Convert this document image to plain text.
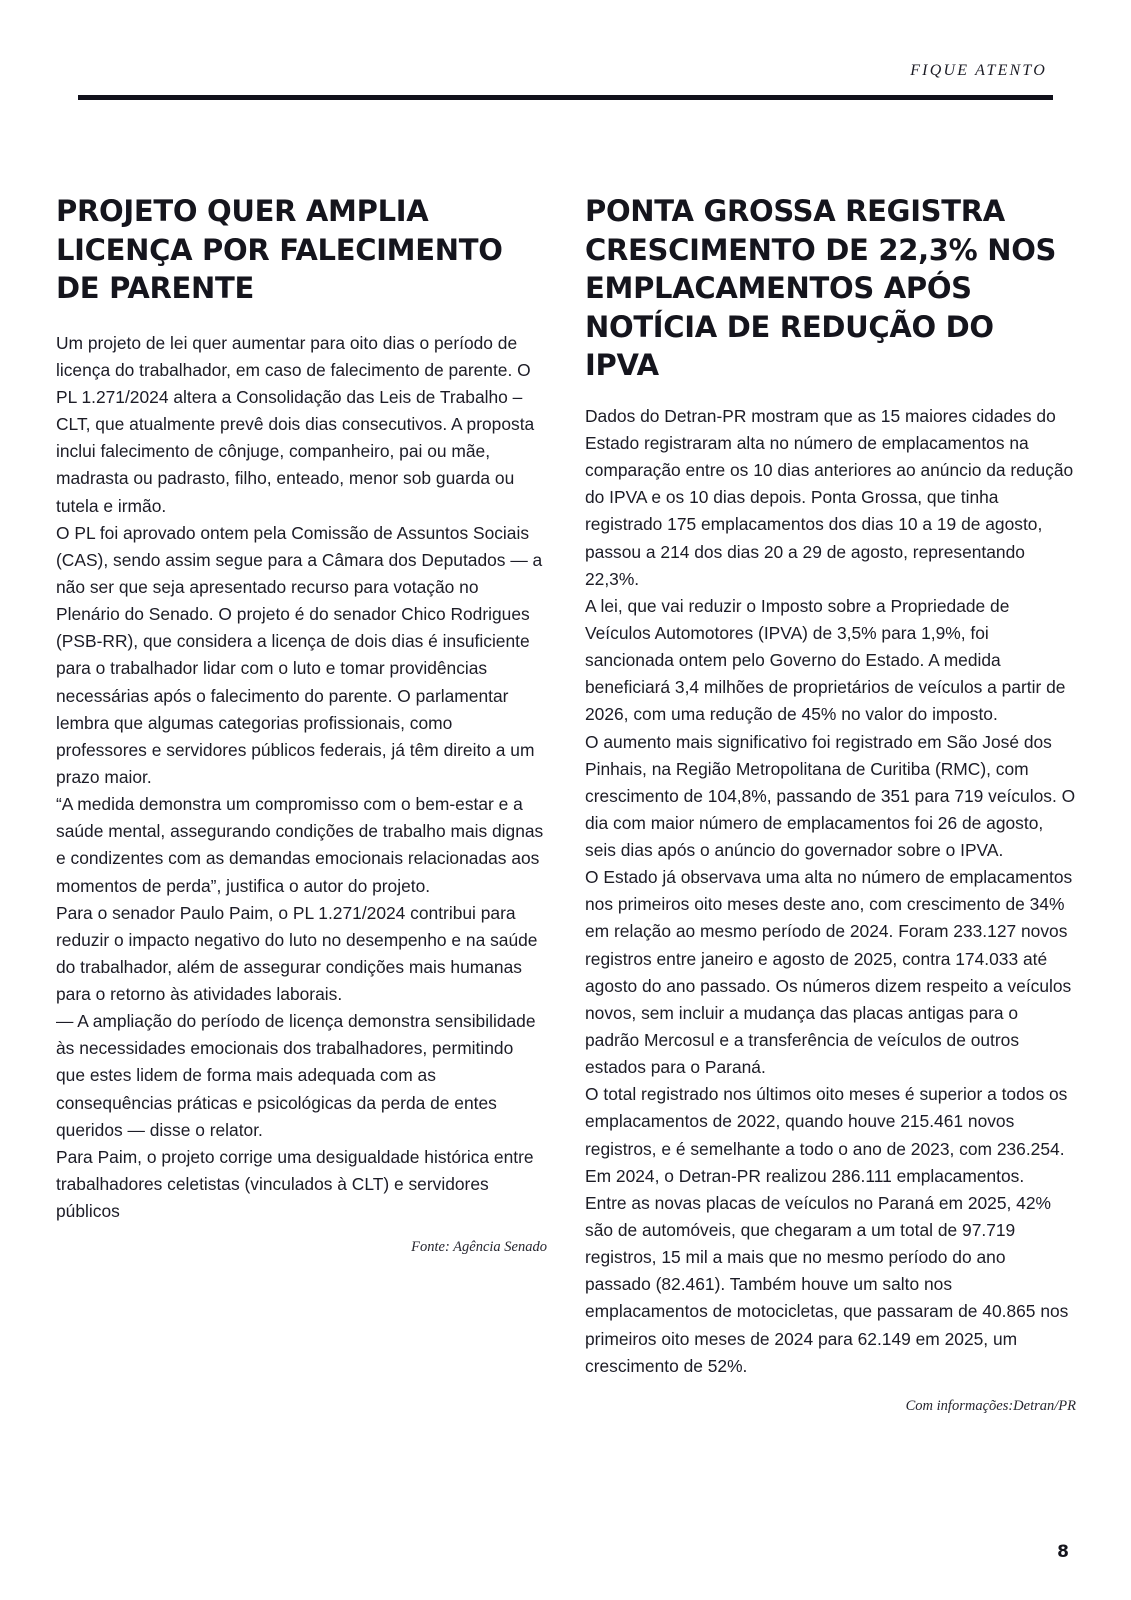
FIQUE ATENTO
PROJETO QUER AMPLIA LICENÇA POR FALECIMENTO DE PARENTE

Um projeto de lei quer aumentar para oito dias o período de licença do trabalhador, em caso de falecimento de parente. O PL 1.271/2024 altera a Consolidação das Leis de Trabalho – CLT, que atualmente prevê dois dias consecutivos. A proposta inclui falecimento de cônjuge, companheiro, pai ou mãe, madrasta ou padrasto, filho, enteado, menor sob guarda ou tutela e irmão.

O PL foi aprovado ontem pela Comissão de Assuntos Sociais (CAS), sendo assim segue para a Câmara dos Deputados — a não ser que seja apresentado recurso para votação no Plenário do Senado. O projeto é do senador Chico Rodrigues (PSB-RR), que considera a licença de dois dias é insuficiente para o trabalhador lidar com o luto e tomar providências necessárias após o falecimento do parente. O parlamentar lembra que algumas categorias profissionais, como professores e servidores públicos federais, já têm direito a um prazo maior.

“A medida demonstra um compromisso com o bem-estar e a saúde mental, assegurando condições de trabalho mais dignas e condizentes com as demandas emocionais relacionadas aos momentos de perda”, justifica o autor do projeto.

Para o senador Paulo Paim, o PL 1.271/2024 contribui para reduzir o impacto negativo do luto no desempenho e na saúde do trabalhador, além de assegurar condições mais humanas para o retorno às atividades laborais.

— A ampliação do período de licença demonstra sensibilidade às necessidades emocionais dos trabalhadores, permitindo que estes lidem de forma mais adequada com as consequências práticas e psicológicas da perda de entes queridos — disse o relator.

Para Paim, o projeto corrige uma desigualdade histórica entre trabalhadores celetistas (vinculados à CLT) e servidores públicos

Fonte: Agência Senado
PONTA GROSSA REGISTRA CRESCIMENTO DE 22,3% NOS EMPLACAMENTOS APÓS NOTÍCIA DE REDUÇÃO DO IPVA

Dados do Detran-PR mostram que as 15 maiores cidades do Estado registraram alta no número de emplacamentos na comparação entre os 10 dias anteriores ao anúncio da redução do IPVA e os 10 dias depois. Ponta Grossa, que tinha registrado 175 emplacamentos dos dias 10 a 19 de agosto, passou a 214 dos dias 20 a 29 de agosto, representando 22,3%.

A lei, que vai reduzir o Imposto sobre a Propriedade de Veículos Automotores (IPVA) de 3,5% para 1,9%, foi sancionada ontem pelo Governo do Estado. A medida beneficiará 3,4 milhões de proprietários de veículos a partir de 2026, com uma redução de 45% no valor do imposto.

O aumento mais significativo foi registrado em São José dos Pinhais, na Região Metropolitana de Curitiba (RMC), com crescimento de 104,8%, passando de 351 para 719 veículos. O dia com maior número de emplacamentos foi 26 de agosto, seis dias após o anúncio do governador sobre o IPVA.

O Estado já observava uma alta no número de emplacamentos nos primeiros oito meses deste ano, com crescimento de 34% em relação ao mesmo período de 2024. Foram 233.127 novos registros entre janeiro e agosto de 2025, contra 174.033 até agosto do ano passado. Os números dizem respeito a veículos novos, sem incluir a mudança das placas antigas para o padrão Mercosul e a transferência de veículos de outros estados para o Paraná.

O total registrado nos últimos oito meses é superior a todos os emplacamentos de 2022, quando houve 215.461 novos registros, e é semelhante a todo o ano de 2023, com 236.254. Em 2024, o Detran-PR realizou 286.111 emplacamentos.

Entre as novas placas de veículos no Paraná em 2025, 42% são de automóveis, que chegaram a um total de 97.719 registros, 15 mil a mais que no mesmo período do ano passado (82.461). Também houve um salto nos emplacamentos de motocicletas, que passaram de 40.865 nos primeiros oito meses de 2024 para 62.149 em 2025, um crescimento de 52%.

Com informações:Detran/PR
8
